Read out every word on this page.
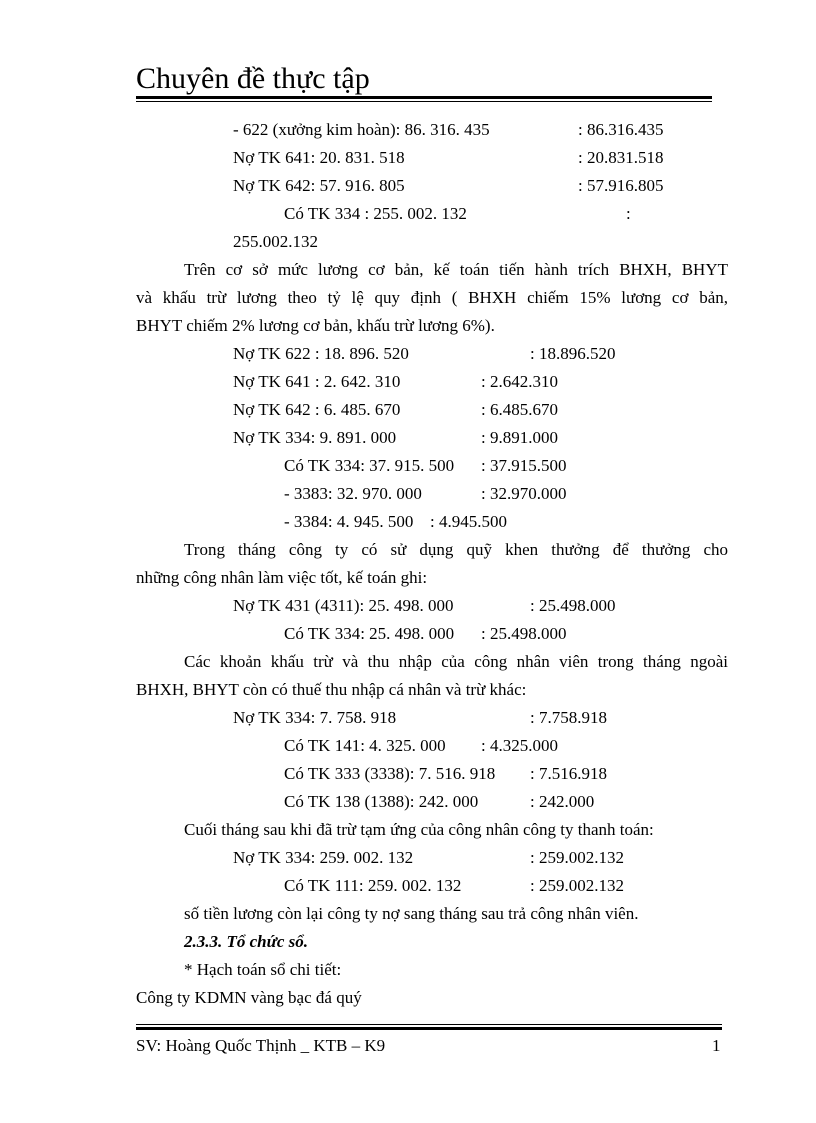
Chuyên đề thực tập
- 622 (xưởng kim hoàn): 86. 316. 435	: 86.316.435
Nợ TK 641: 20. 831. 518	: 20.831.518
Nợ TK 642: 57. 916. 805	: 57.916.805
Có TK 334 : 255. 002. 132	:
255.002.132
Trên cơ sở mức lương cơ bản, kế toán tiến hành trích BHXH, BHYT
và khấu trừ lương theo tỷ lệ quy định ( BHXH chiếm 15% lương cơ bản,
BHYT chiếm 2% lương cơ bản, khấu trừ lương 6%).
Nợ TK 622 : 18. 896. 520	: 18.896.520
Nợ TK 641 : 2. 642. 310	: 2.642.310
Nợ TK 642 : 6. 485. 670	: 6.485.670
Nợ TK 334: 9. 891. 000	: 9.891.000
Có TK 334: 37. 915. 500 : 37.915.500
- 3383: 32. 970. 000	: 32.970.000
- 3384: 4. 945. 500 : 4.945.500
Trong tháng công ty có sử dụng quỹ khen thưởng để thưởng cho
những công nhân làm việc tốt, kế toán ghi:
Nợ TK 431 (4311): 25. 498. 000	: 25.498.000
Có TK 334: 25. 498. 000 : 25.498.000
Các khoản khấu trừ và thu nhập của công nhân viên trong tháng ngoài
BHXH, BHYT còn có thuế thu nhập cá nhân và trừ khác:
Nợ TK 334: 7. 758. 918	: 7.758.918
Có TK 141: 4. 325. 000 : 4.325.000
Có TK 333 (3338): 7. 516. 918 : 7.516.918
Có TK 138 (1388): 242. 000	: 242.000
Cuối tháng sau khi đã trừ tạm ứng của công nhân công ty thanh toán:
Nợ TK 334: 259. 002. 132	: 259.002.132
Có TK 111: 259. 002. 132	: 259.002.132
số tiền lương còn lại công ty nợ sang tháng sau trả công nhân viên.
2.3.3. Tổ chức sổ.
* Hạch toán sổ chi tiết:
Công ty KDMN vàng bạc đá quý
SV: Hoàng Quốc Thịnh _ KTB – K9	1
